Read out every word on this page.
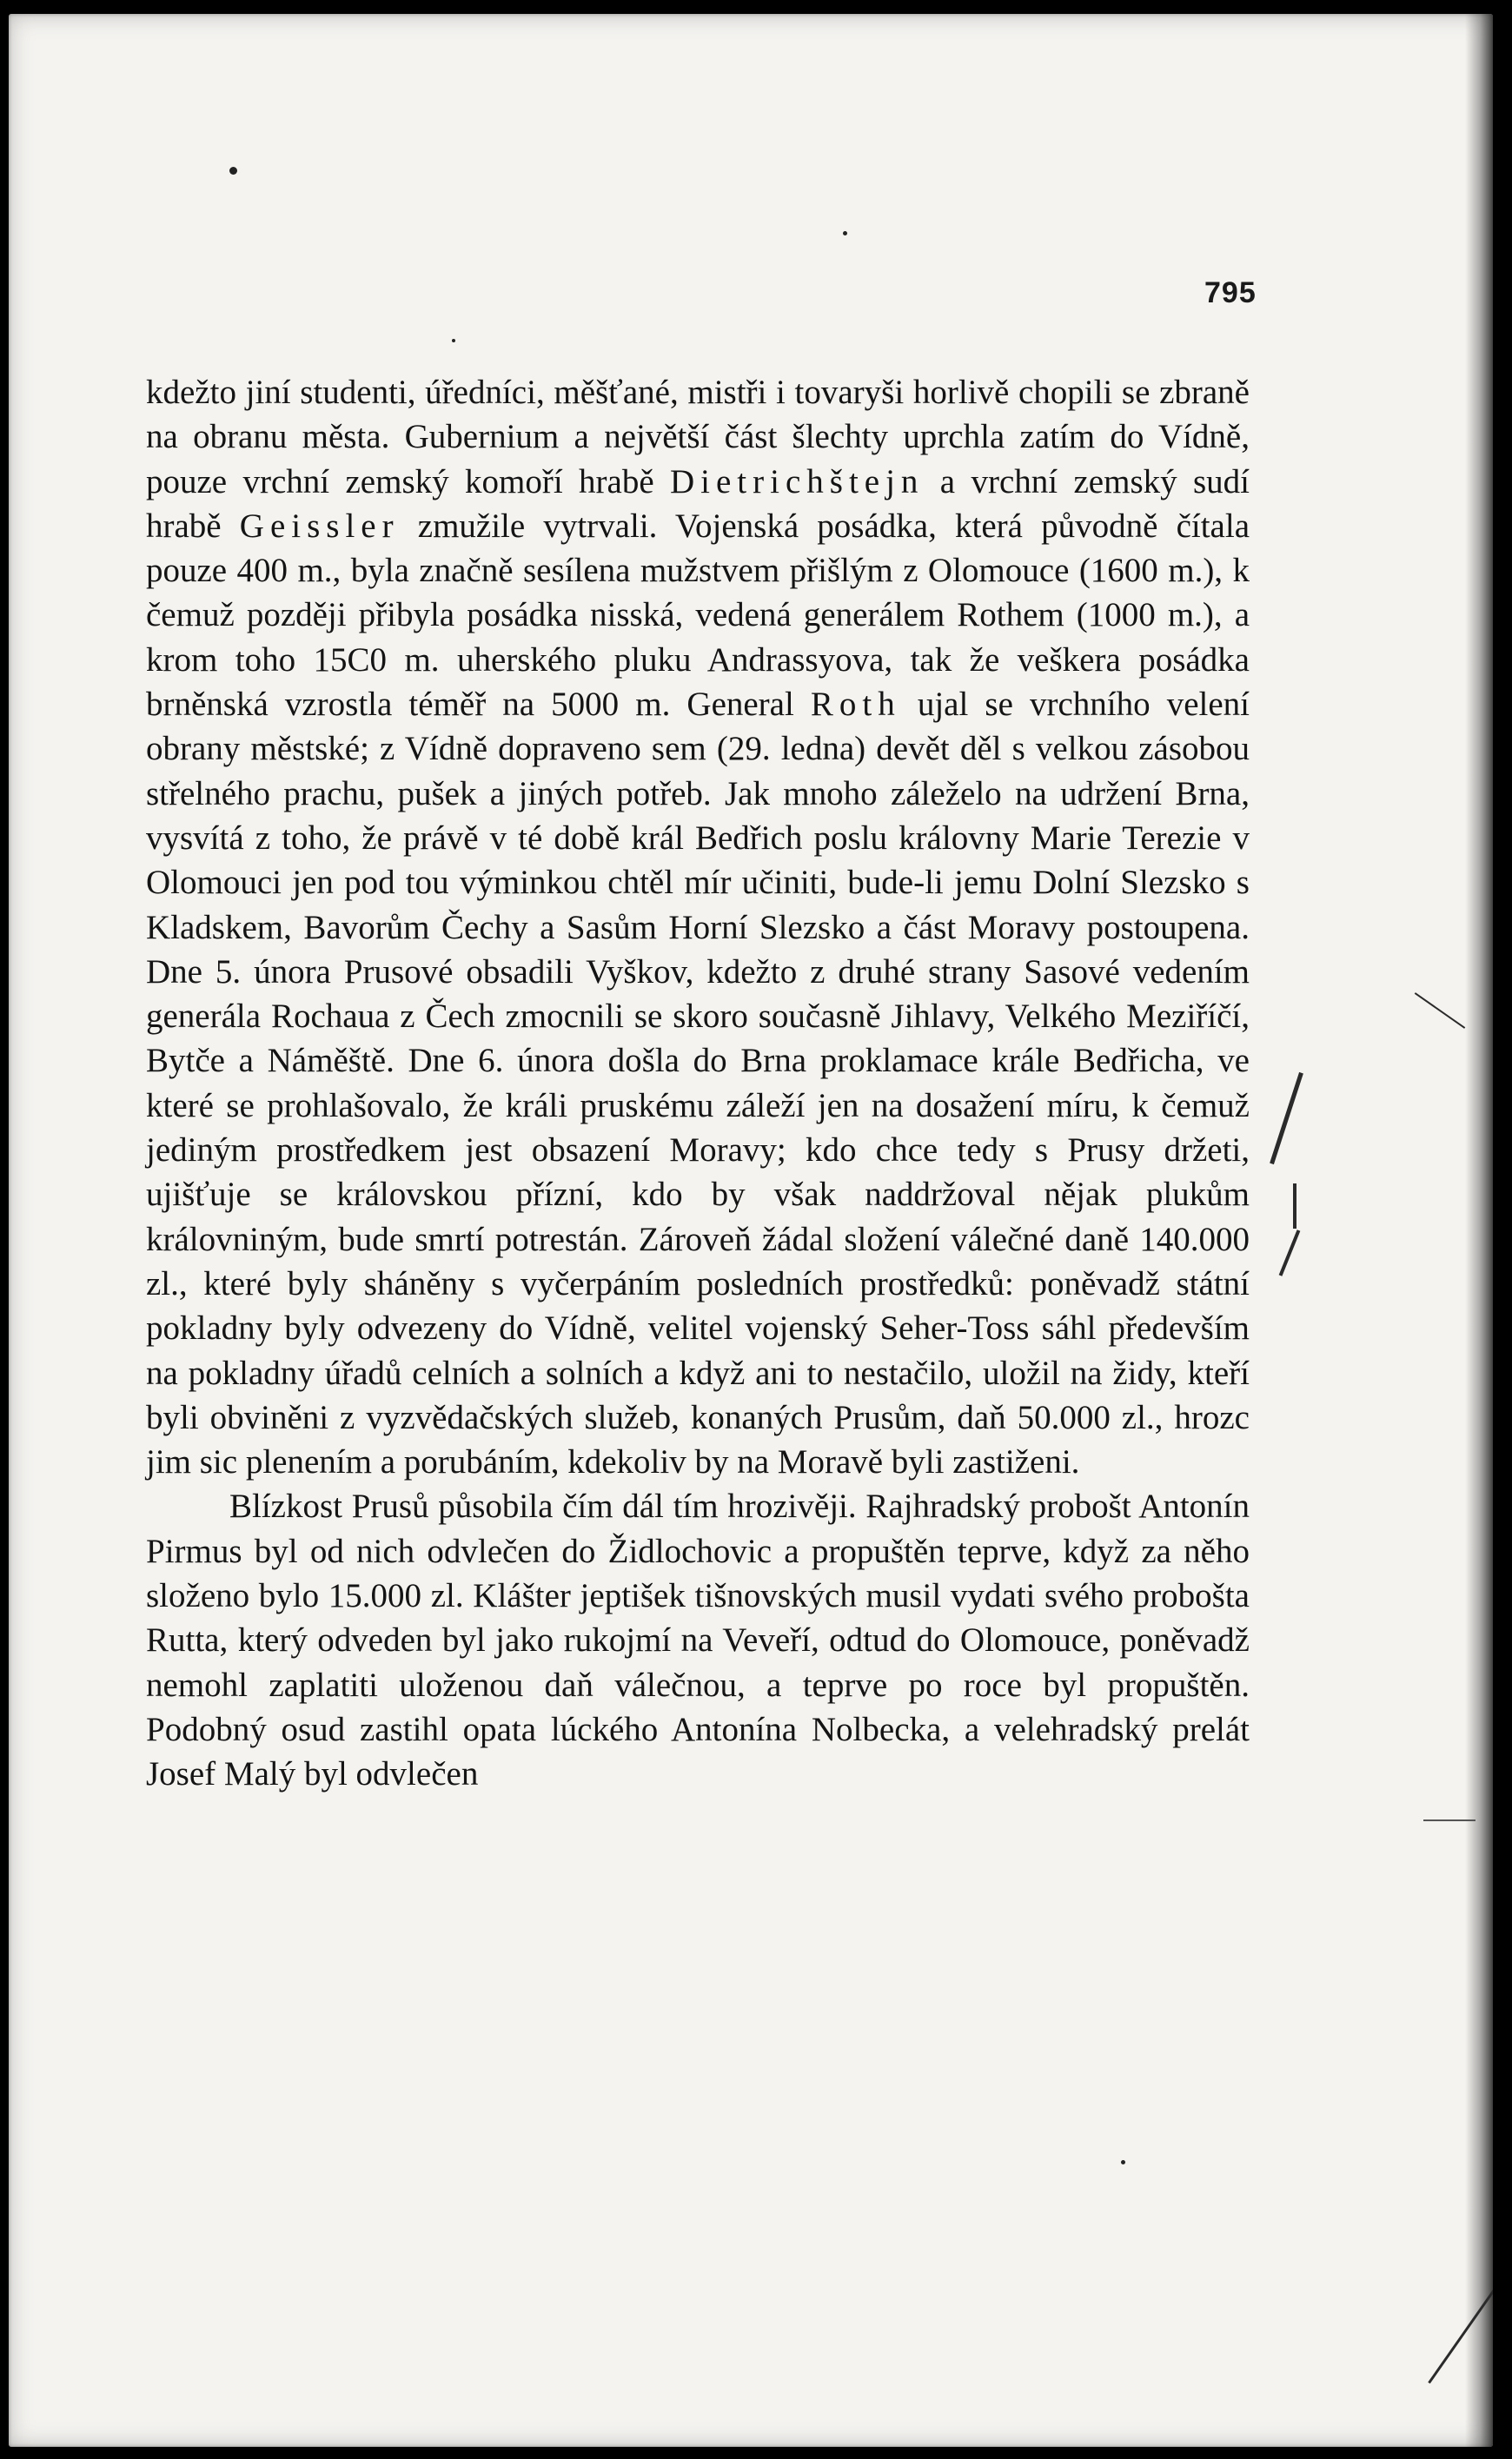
795

kdežto jiní studenti, úředníci, měšťané, mistři i tovaryši horlivě chopili se zbraně na obranu města. Gubernium a největší část šlechty uprchla zatím do Vídně, pouze vrchní zemský komoří hrabě Dietrichštejn a vrchní zemský sudí hrabě Geissler zmužile vytrvali. Vojenská posádka, která původně čítala pouze 400 m., byla značně sesílena mužstvem přišlým z Olomouce (1600 m.), k čemuž později přibyla posádka nisská, vedená generálem Rothem (1000 m.), a krom toho 15C0 m. uherského pluku Andrassyova, tak že veškera posádka brněnská vzrostla téměř na 5000 m. General Roth ujal se vrchního velení obrany městské; z Vídně dopraveno sem (29. ledna) devět děl s velkou zásobou střelného prachu, pušek a jiných potřeb. Jak mnoho záleželo na udržení Brna, vysvítá z toho, že právě v té době král Bedřich poslu královny Marie Terezie v Olomouci jen pod tou výminkou chtěl mír učiniti, bude-li jemu Dolní Slezsko s Kladskem, Bavorům Čechy a Sasům Horní Slezsko a část Moravy postoupena. Dne 5. února Prusové obsadili Vyškov, kdežto z druhé strany Sasové vedením generála Rochaua z Čech zmocnili se skoro současně Jihlavy, Velkého Meziříčí, Bytče a Náměště. Dne 6. února došla do Brna proklamace krále Bedřicha, ve které se prohlašovalo, že králi pruskému záleží jen na dosažení míru, k čemuž jediným prostředkem jest obsazení Moravy; kdo chce tedy s Prusy držeti, ujišťuje se královskou přízní, kdo by však naddržoval nějak plukům královniným, bude smrtí potrestán. Zároveň žádal složení válečné daně 140.000 zl., které byly sháněny s vyčerpáním posledních prostředků: poněvadž státní pokladny byly odvezeny do Vídně, velitel vojenský Seher-Toss sáhl především na pokladny úřadů celních a solních a když ani to nestačilo, uložil na židy, kteří byli obviněni z vyzvědačských služeb, konaných Prusům, daň 50.000 zl., hrozc jim sic plenením a porubáním, kdekoliv by na Moravě byli zastiženi.

Blízkost Prusů působila čím dál tím hrozivěji. Rajhradský probošt Antonín Pirmus byl od nich odvlečen do Židlochovic a propuštěn teprve, když za něho složeno bylo 15.000 zl. Klášter jeptišek tišnovských musil vydati svého probošta Rutta, který odveden byl jako rukojmí na Veveří, odtud do Olomouce, poněvadž nemohl zaplatiti uloženou daň válečnou, a teprve po roce byl propuštěn. Podobný osud zastihl opata lúckého Antonína Nolbecka, a velehradský prelát Josef Malý byl odvlečen
